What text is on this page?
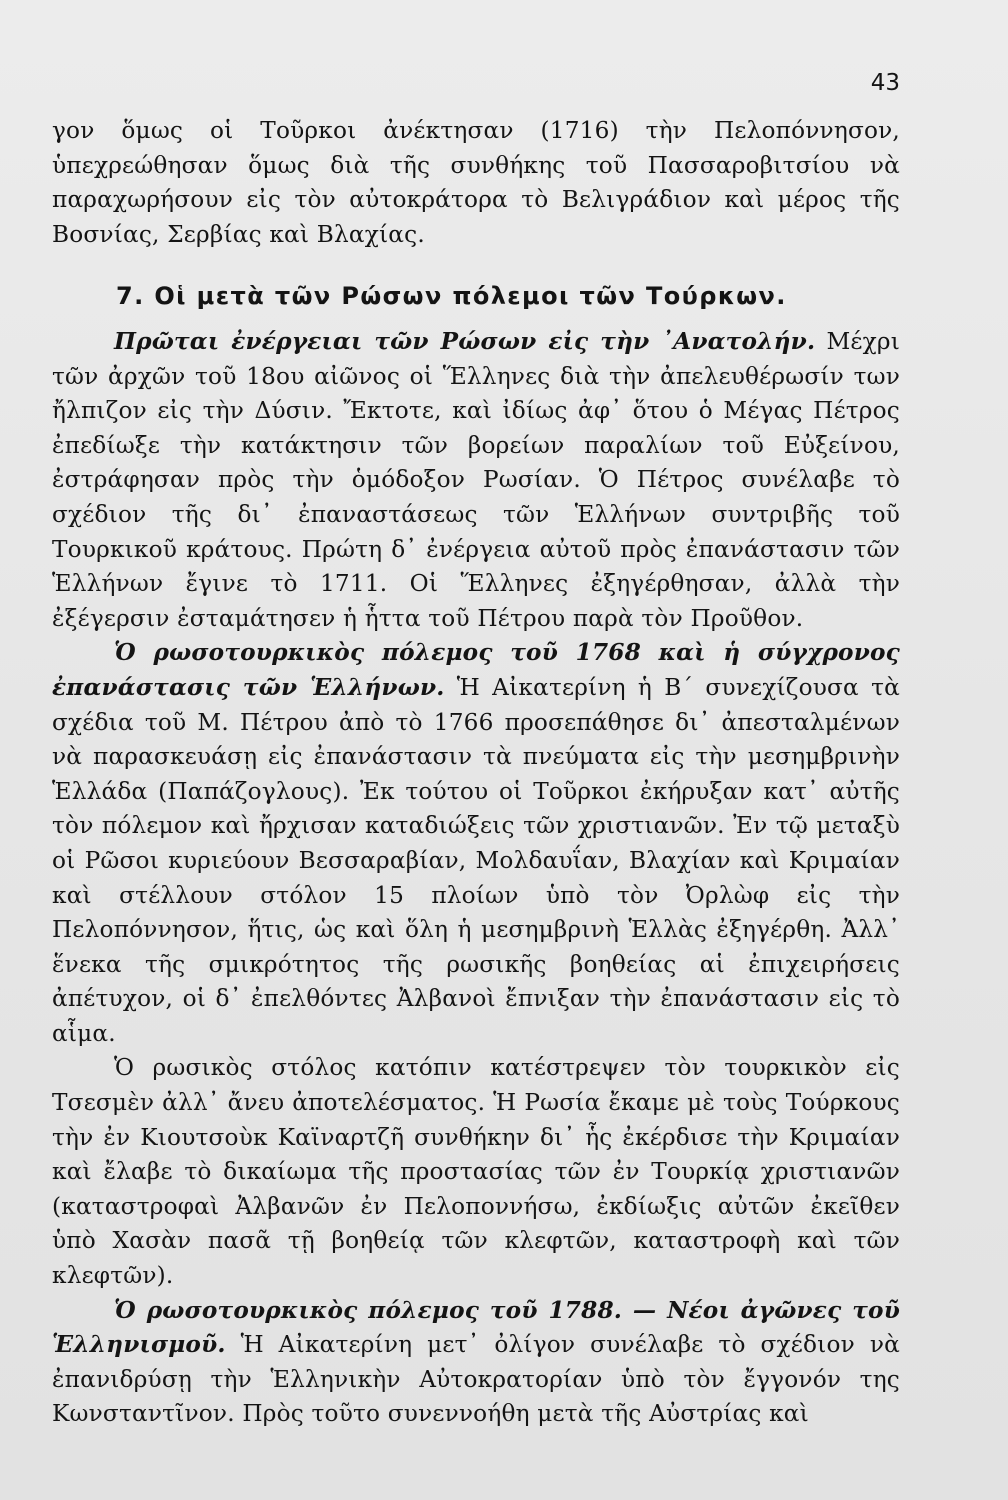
43

γον ὅμως οἱ Τοῦρκοι ἀνέκτησαν (1716) τὴν Πελοπόννησον, ὑπεχρεώθησαν ὅμως διὰ τῆς συνθήκης τοῦ Πασσαροβιτσίου νὰ παραχωρήσουν εἰς τὸν αὐτοκράτορα τὸ Βελιγράδιον καὶ μέρος τῆς Βοσνίας, Σερβίας καὶ Βλαχίας.

7. Οἱ μετὰ τῶν Ρώσων πόλεμοι τῶν Τούρκων.

Πρῶται ἐνέργειαι τῶν Ρώσων εἰς τὴν ᾿Ανατολήν. Μέχρι τῶν ἀρχῶν τοῦ 18ου αἰῶνος οἱ Ἕλληνες διὰ τὴν ἀπελευθέρωσίν των ἤλπιζον εἰς τὴν Δύσιν. Ἔκτοτε, καὶ ἰδίως ἀφ᾿ ὅτου ὁ Μέγας Πέτρος ἐπεδίωξε τὴν κατάκτησιν τῶν βορείων παραλίων τοῦ Εὐξείνου, ἐστράφησαν πρὸς τὴν ὁμόδοξον Ρωσίαν. Ὁ Πέτρος συνέλαβε τὸ σχέδιον τῆς δι᾿ ἐπαναστάσεως τῶν Ἑλλήνων συντριβῆς τοῦ Τουρκικοῦ κράτους. Πρώτη δ᾿ ἐνέργεια αὐτοῦ πρὸς ἐπανάστασιν τῶν Ἑλλήνων ἔγινε τὸ 1711. Οἱ Ἕλληνες ἐξηγέρθησαν, ἀλλὰ τὴν ἐξέγερσιν ἐσταμάτησεν ἡ ἧττα τοῦ Πέτρου παρὰ τὸν Προῦθον.

Ὁ ρωσοτουρκικὸς πόλεμος τοῦ 1768 καὶ ἡ σύγχρονος ἐπανάστασις τῶν Ἑλλήνων. Ἡ Αἰκατερίνη ἡ Β΄ συνεχίζουσα τὰ σχέδια τοῦ Μ. Πέτρου ἀπὸ τὸ 1766 προσεπάθησε δι᾿ ἀπεσταλμένων νὰ παρασκευάσῃ εἰς ἐπανάστασιν τὰ πνεύματα εἰς τὴν μεσημβρινὴν Ἑλλάδα (Παπάζογλους). Ἐκ τούτου οἱ Τοῦρκοι ἐκήρυξαν κατ᾿ αὐτῆς τὸν πόλεμον καὶ ἤρχισαν καταδιώξεις τῶν χριστιανῶν. Ἐν τῷ μεταξὺ οἱ Ρῶσοι κυριεύουν Βεσσαραβίαν, Μολδαυΐαν, Βλαχίαν καὶ Κριμαίαν καὶ στέλλουν στόλον 15 πλοίων ὑπὸ τὸν Ὀρλὼφ εἰς τὴν Πελοπόννησον, ἥτις, ὡς καὶ ὅλη ἡ μεσημβρινὴ Ἑλλὰς ἐξηγέρθη. Ἀλλ᾿ ἕνεκα τῆς σμικρότητος τῆς ρωσικῆς βοηθείας αἱ ἐπιχειρήσεις ἀπέτυχον, οἱ δ᾿ ἐπελθόντες Ἀλβανοὶ ἔπνιξαν τὴν ἐπανάστασιν εἰς τὸ αἷμα.

Ὁ ρωσικὸς στόλος κατόπιν κατέστρεψεν τὸν τουρκικὸν εἰς Τσεσμὲν ἀλλ᾿ ἄνευ ἀποτελέσματος. Ἡ Ρωσία ἔκαμε μὲ τοὺς Τούρκους τὴν ἐν Κιουτσοὺκ Καϊναρτζῆ συνθήκην δι᾿ ἧς ἐκέρδισε τὴν Κριμαίαν καὶ ἔλαβε τὸ δικαίωμα τῆς προστασίας τῶν ἐν Τουρκίᾳ χριστιανῶν (καταστροφαὶ Ἀλβανῶν ἐν Πελοποννήσω, ἐκδίωξις αὐτῶν ἐκεῖθεν ὑπὸ Χασὰν πασᾶ τῇ βοηθείᾳ τῶν κλεφτῶν, καταστροφὴ καὶ τῶν κλεφτῶν).

Ὁ ρωσοτουρκικὸς πόλεμος τοῦ 1788. — Νέοι ἀγῶνες τοῦ Ἑλληνισμοῦ. Ἡ Αἰκατερίνη μετ᾿ ὀλίγον συνέλαβε τὸ σχέδιον νὰ ἐπανιδρύσῃ τὴν Ἑλληνικὴν Αὐτοκρατορίαν ὑπὸ τὸν ἔγγονόν της Κωνσταντῖνον. Πρὸς τοῦτο συνεννοήθη μετὰ τῆς Αὐστρίας καὶ
